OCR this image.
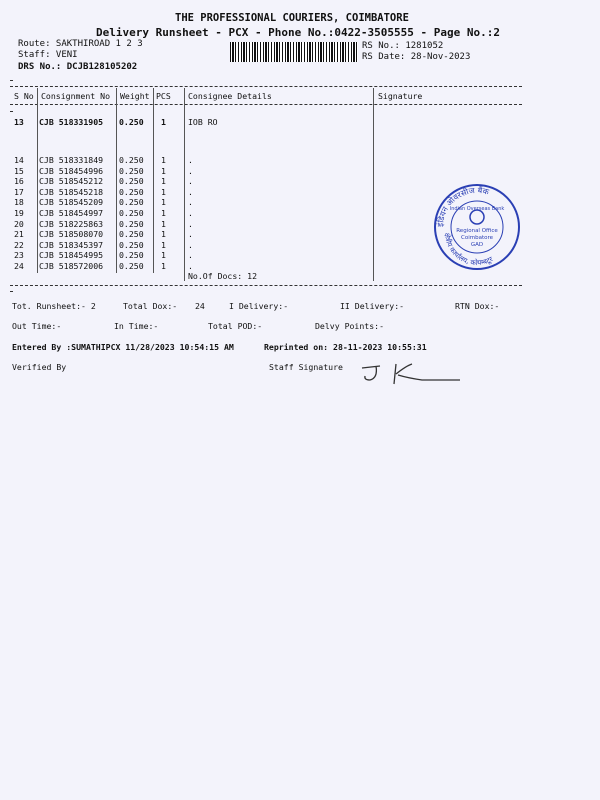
THE PROFESSIONAL COURIERS, COIMBATORE
Delivery Runsheet - PCX - Phone No.:0422-3505555 - Page No.:2
Route: SAKTHIROAD 1 2 3
Staff: VENI
DRS No.: DCJB128105202
RS No.: 1281052
RS Date: 28-Nov-2023
S No Consignment No Weight PCS Consignee Details	Signature
13 CJB 518331905 0.250 1	IOB RO
14 CJB 518331849 0.250 1	.
15 CJB 518454996 0.250 1	.
16 CJB 518545212 0.250 1	.
17 CJB 518545218 0.250 1	.
18 CJB 518545209 0.250 1	.
19 CJB 518454997 0.250 1	.
20 CJB 518225863 0.250 1	.
21 CJB 518508070 0.250 1	.
22 CJB 518345397 0.250 1	.
23 CJB 518454995 0.250 1	.
24 CJB 518572006 0.250 1	.
No.Of Docs: 12
इंडियन ओवरसीज बैंक
क्षेत्रीय कार्यालय, कोयम्बटूर
Indian Overseas Bank
Regional Office
Coimbatore
GAD
Tot. Runsheet:- 2	Total Dox:- 24	I Delivery:-	II Delivery:-	RTN Dox:-
Out Time:-	In Time:-	Total POD:-	Delvy Points:-
Entered By :SUMATHIPCX 11/28/2023 10:54:15 AM	Reprinted on: 28-11-2023 10:55:31
Verified By	Staff Signature
